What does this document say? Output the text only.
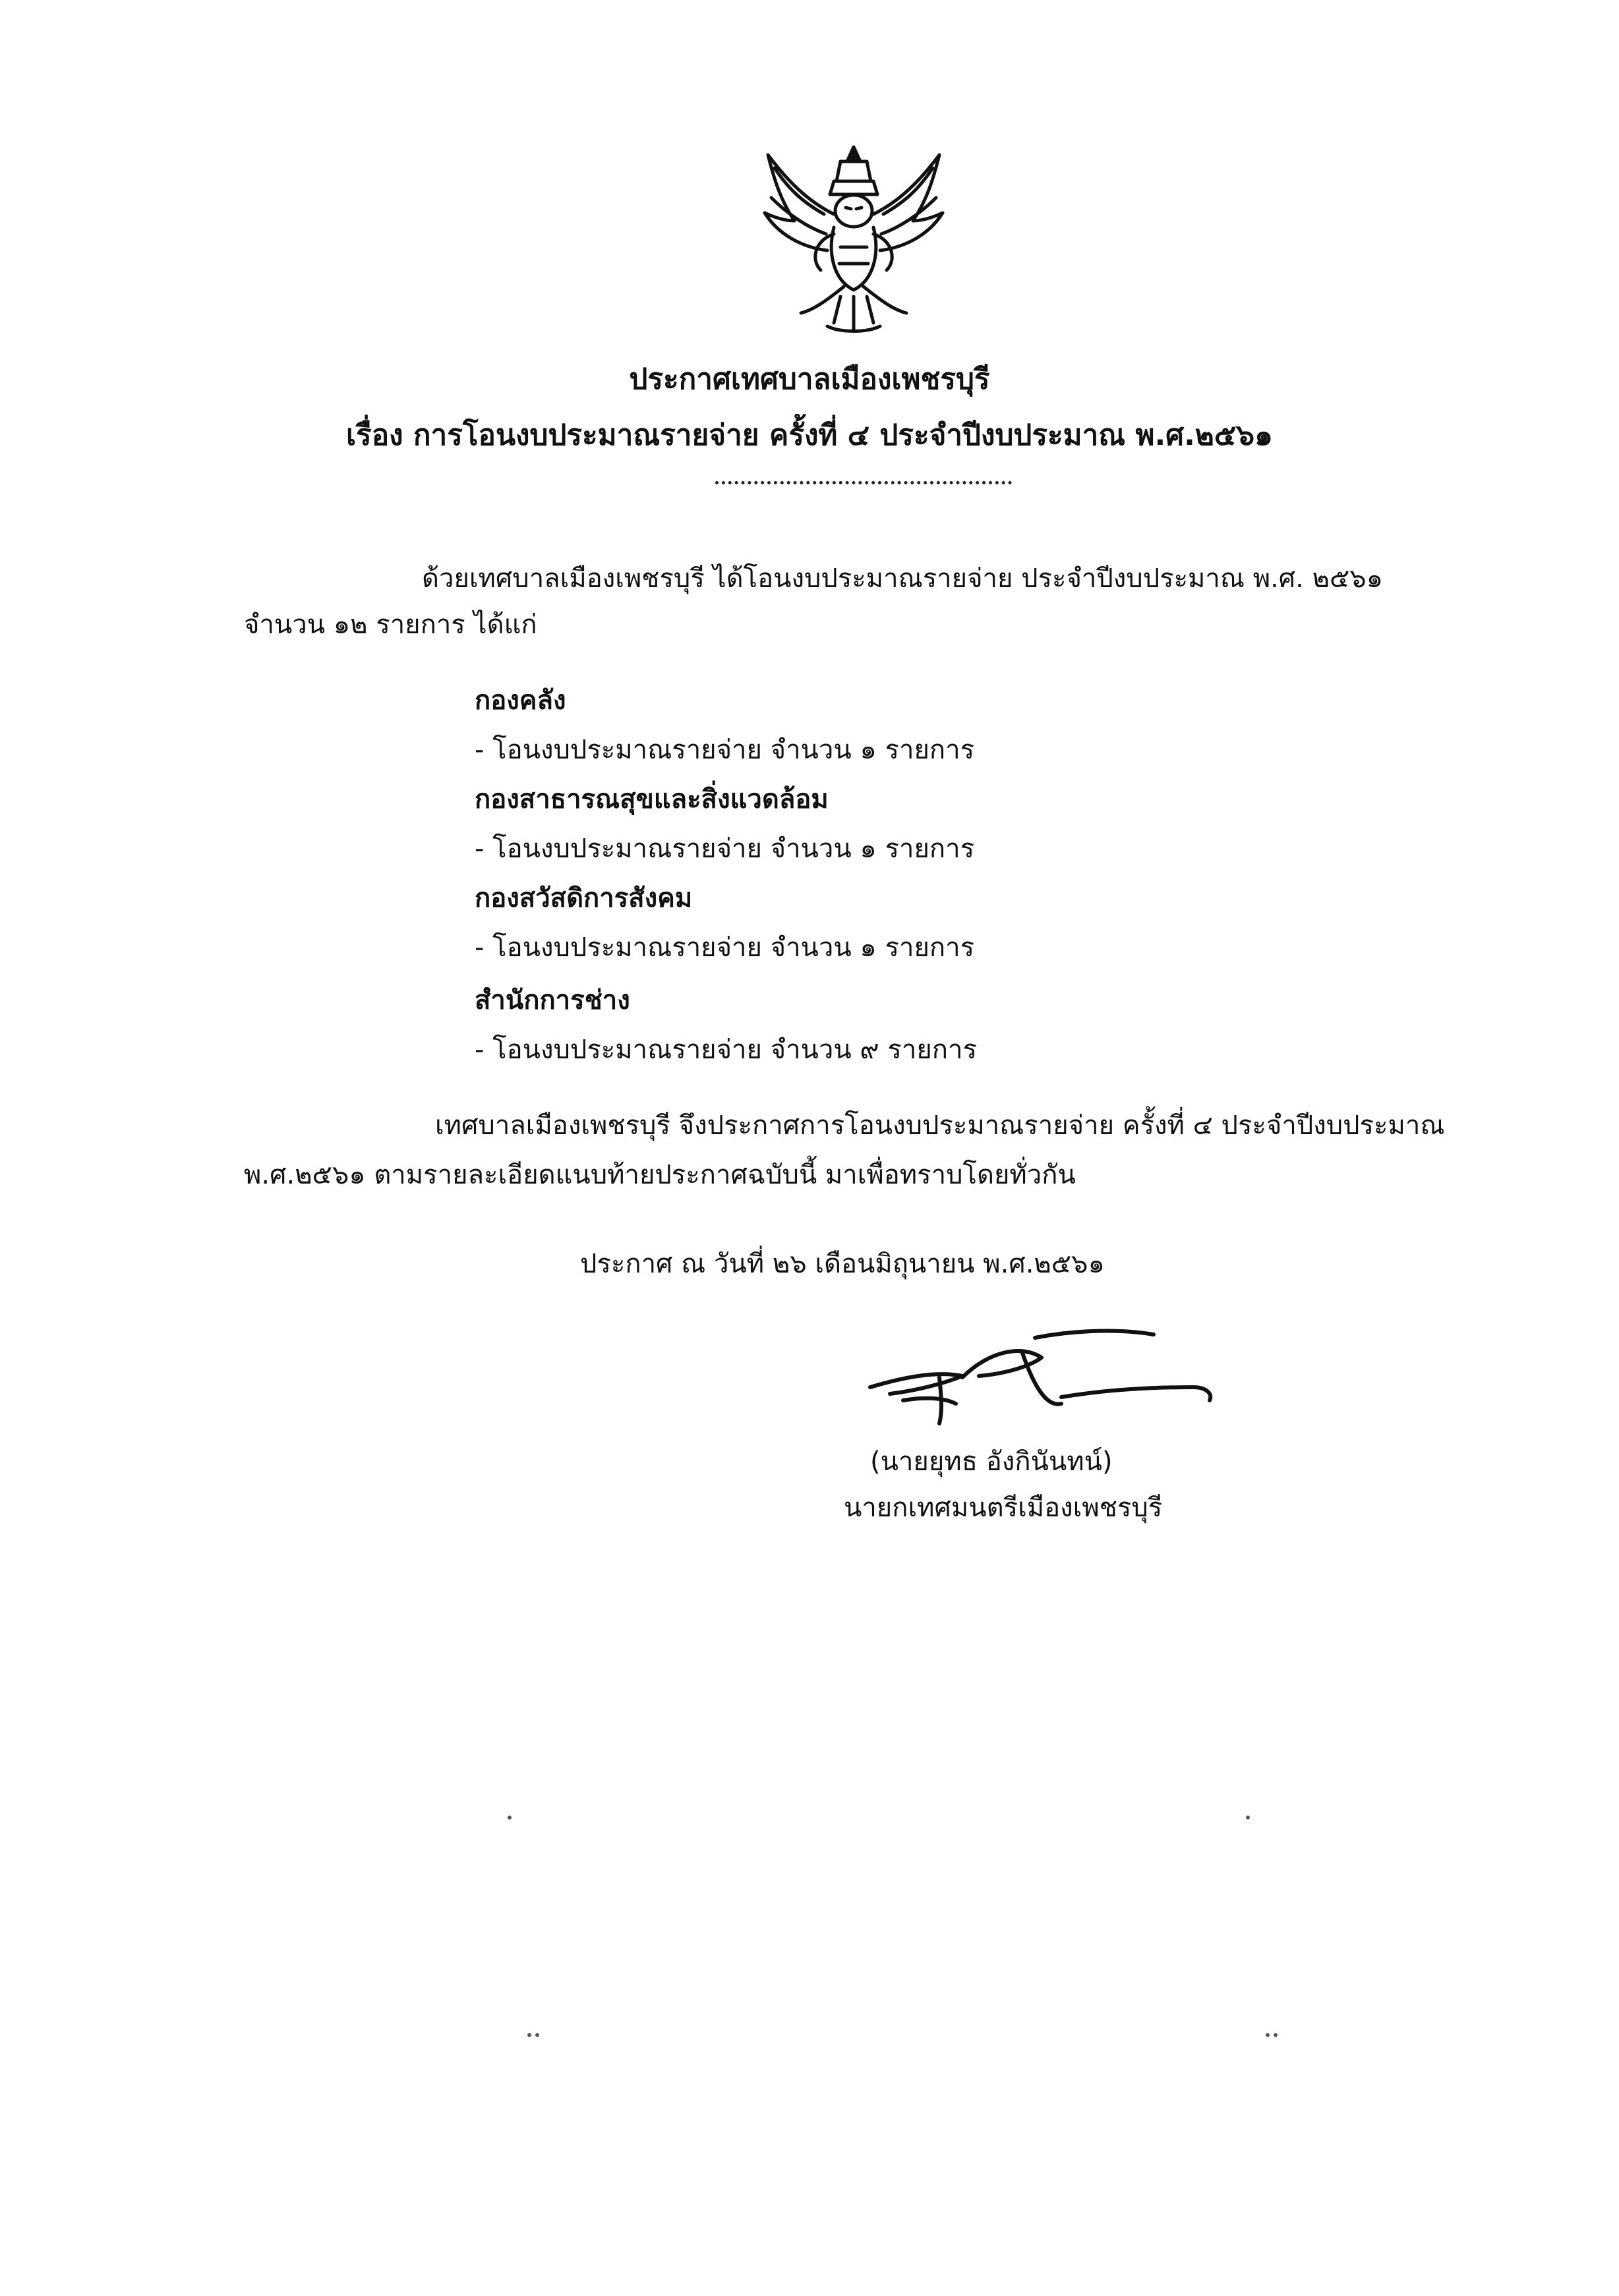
ประกาศเทศบาลเมืองเพชรบุรี
เรื่อง การโอนงบประมาณรายจ่าย ครั้งที่ ๔ ประจำปีงบประมาณ พ.ศ.๒๕๖๑
ด้วยเทศบาลเมืองเพชรบุรี ได้โอนงบประมาณรายจ่าย ประจำปีงบประมาณ พ.ศ. ๒๕๖๑
จำนวน ๑๒ รายการ ได้แก่
กองคลัง
- โอนงบประมาณรายจ่าย จำนวน ๑ รายการ
กองสาธารณสุขและสิ่งแวดล้อม
- โอนงบประมาณรายจ่าย จำนวน ๑ รายการ
กองสวัสดิการสังคม
- โอนงบประมาณรายจ่าย จำนวน ๑ รายการ
สำนักการช่าง
- โอนงบประมาณรายจ่าย จำนวน ๙ รายการ
เทศบาลเมืองเพชรบุรี จึงประกาศการโอนงบประมาณรายจ่าย ครั้งที่ ๔ ประจำปีงบประมาณ
พ.ศ.๒๕๖๑ ตามรายละเอียดแนบท้ายประกาศฉบับนี้ มาเพื่อทราบโดยทั่วกัน
ประกาศ ณ วันที่ ๒๖ เดือนมิถุนายน พ.ศ.๒๕๖๑
(นายยุทธ อังกินันทน์)
นายกเทศมนตรีเมืองเพชรบุรี
